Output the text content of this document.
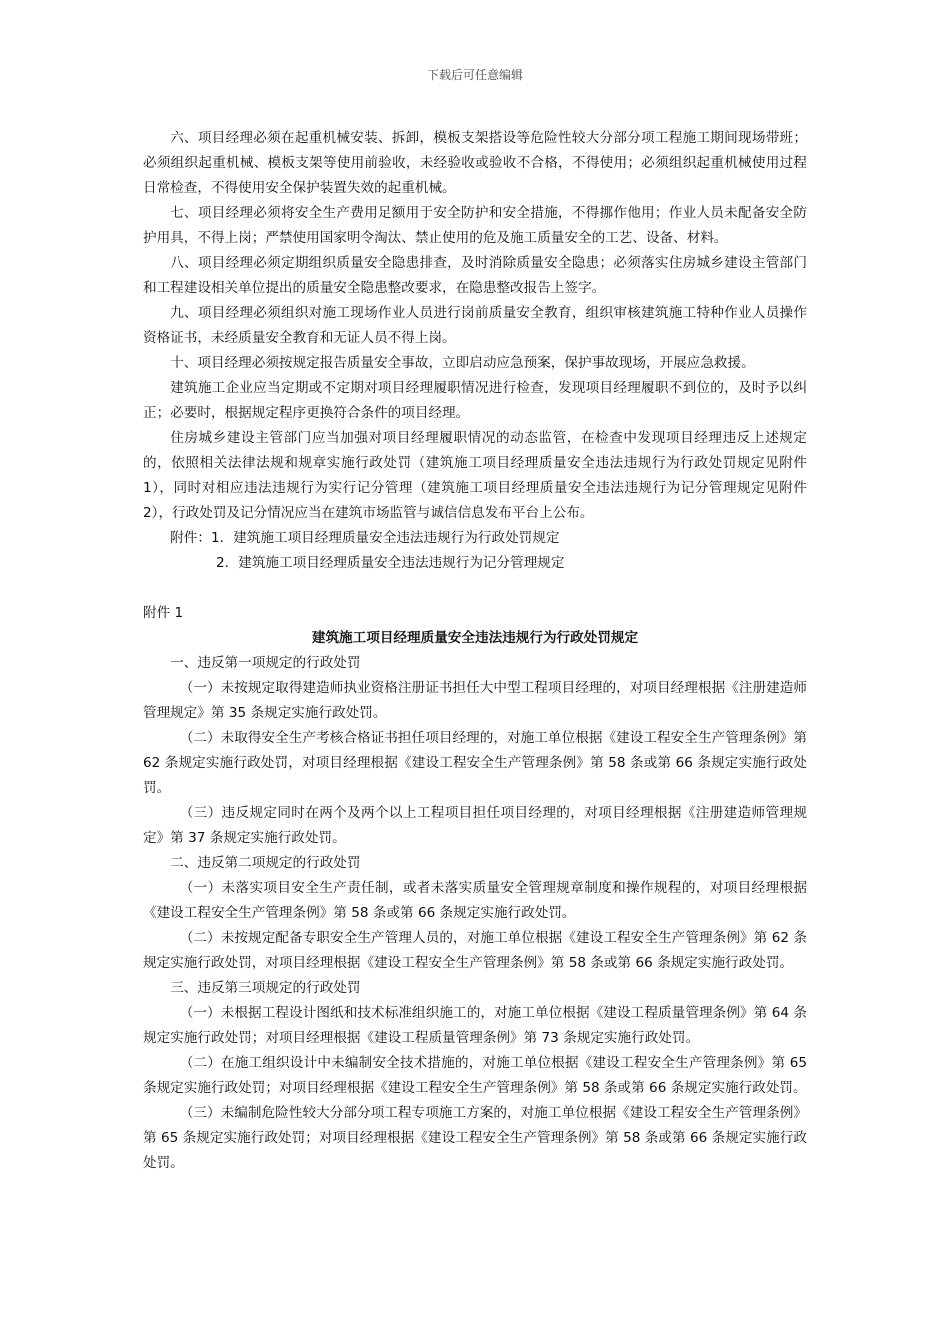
下载后可任意编辑

六、项目经理必须在起重机械安装、拆卸，模板支架搭设等危险性较大分部分项工程施工期间现场带班；必须组织起重机械、模板支架等使用前验收，未经验收或验收不合格，不得使用；必须组织起重机械使用过程日常检查，不得使用安全保护装置失效的起重机械。

七、项目经理必须将安全生产费用足额用于安全防护和安全措施，不得挪作他用；作业人员未配备安全防护用具，不得上岗；严禁使用国家明令淘汰、禁止使用的危及施工质量安全的工艺、设备、材料。

八、项目经理必须定期组织质量安全隐患排查，及时消除质量安全隐患；必须落实住房城乡建设主管部门和工程建设相关单位提出的质量安全隐患整改要求，在隐患整改报告上签字。

九、项目经理必须组织对施工现场作业人员进行岗前质量安全教育，组织审核建筑施工特种作业人员操作资格证书，未经质量安全教育和无证人员不得上岗。

十、项目经理必须按规定报告质量安全事故，立即启动应急预案，保护事故现场，开展应急救援。

建筑施工企业应当定期或不定期对项目经理履职情况进行检查，发现项目经理履职不到位的，及时予以纠正；必要时，根据规定程序更换符合条件的项目经理。

住房城乡建设主管部门应当加强对项目经理履职情况的动态监管，在检查中发现项目经理违反上述规定的，依照相关法律法规和规章实施行政处罚（建筑施工项目经理质量安全违法违规行为行政处罚规定见附件 1），同时对相应违法违规行为实行记分管理（建筑施工项目经理质量安全违法违规行为记分管理规定见附件 2），行政处罚及记分情况应当在建筑市场监管与诚信信息发布平台上公布。

附件：1．建筑施工项目经理质量安全违法违规行为行政处罚规定

2．建筑施工项目经理质量安全违法违规行为记分管理规定

附件 1

建筑施工项目经理质量安全违法违规行为行政处罚规定

一、违反第一项规定的行政处罚

（一）未按规定取得建造师执业资格注册证书担任大中型工程项目经理的，对项目经理根据《注册建造师管理规定》第 35 条规定实施行政处罚。

（二）未取得安全生产考核合格证书担任项目经理的，对施工单位根据《建设工程安全生产管理条例》第 62 条规定实施行政处罚，对项目经理根据《建设工程安全生产管理条例》第 58 条或第 66 条规定实施行政处罚。

（三）违反规定同时在两个及两个以上工程项目担任项目经理的，对项目经理根据《注册建造师管理规定》第 37 条规定实施行政处罚。

二、违反第二项规定的行政处罚

（一）未落实项目安全生产责任制，或者未落实质量安全管理规章制度和操作规程的，对项目经理根据《建设工程安全生产管理条例》第 58 条或第 66 条规定实施行政处罚。

（二）未按规定配备专职安全生产管理人员的，对施工单位根据《建设工程安全生产管理条例》第 62 条规定实施行政处罚，对项目经理根据《建设工程安全生产管理条例》第 58 条或第 66 条规定实施行政处罚。

三、违反第三项规定的行政处罚

（一）未根据工程设计图纸和技术标准组织施工的，对施工单位根据《建设工程质量管理条例》第 64 条规定实施行政处罚；对项目经理根据《建设工程质量管理条例》第 73 条规定实施行政处罚。

（二）在施工组织设计中未编制安全技术措施的，对施工单位根据《建设工程安全生产管理条例》第 65 条规定实施行政处罚；对项目经理根据《建设工程安全生产管理条例》第 58 条或第 66 条规定实施行政处罚。

（三）未编制危险性较大分部分项工程专项施工方案的，对施工单位根据《建设工程安全生产管理条例》第 65 条规定实施行政处罚；对项目经理根据《建设工程安全生产管理条例》第 58 条或第 66 条规定实施行政处罚。
